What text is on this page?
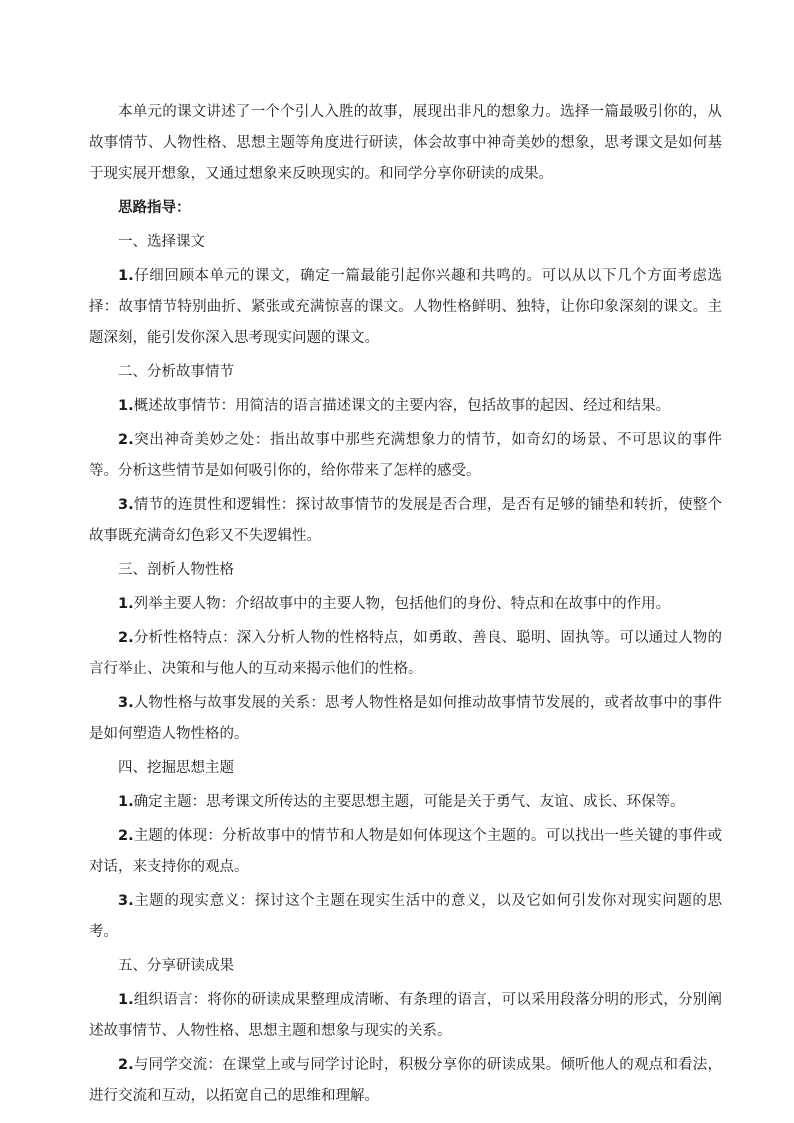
本单元的课文讲述了一个个引人入胜的故事，展现出非凡的想象力。选择一篇最吸引你的，从故事情节、人物性格、思想主题等角度进行研读，体会故事中神奇美妙的想象，思考课文是如何基于现实展开想象，又通过想象来反映现实的。和同学分享你研读的成果。

思路指导：

一、选择课文

1.仔细回顾本单元的课文，确定一篇最能引起你兴趣和共鸣的。可以从以下几个方面考虑选择：故事情节特别曲折、紧张或充满惊喜的课文。人物性格鲜明、独特，让你印象深刻的课文。主题深刻，能引发你深入思考现实问题的课文。

二、分析故事情节

1.概述故事情节：用简洁的语言描述课文的主要内容，包括故事的起因、经过和结果。

2.突出神奇美妙之处：指出故事中那些充满想象力的情节，如奇幻的场景、不可思议的事件等。分析这些情节是如何吸引你的，给你带来了怎样的感受。

3.情节的连贯性和逻辑性：探讨故事情节的发展是否合理，是否有足够的铺垫和转折，使整个故事既充满奇幻色彩又不失逻辑性。

三、剖析人物性格

1.列举主要人物：介绍故事中的主要人物，包括他们的身份、特点和在故事中的作用。

2.分析性格特点：深入分析人物的性格特点，如勇敢、善良、聪明、固执等。可以通过人物的言行举止、决策和与他人的互动来揭示他们的性格。

3.人物性格与故事发展的关系：思考人物性格是如何推动故事情节发展的，或者故事中的事件是如何塑造人物性格的。

四、挖掘思想主题

1.确定主题：思考课文所传达的主要思想主题，可能是关于勇气、友谊、成长、环保等。

2.主题的体现：分析故事中的情节和人物是如何体现这个主题的。可以找出一些关键的事件或对话，来支持你的观点。

3.主题的现实意义：探讨这个主题在现实生活中的意义，以及它如何引发你对现实问题的思考。

五、分享研读成果

1.组织语言：将你的研读成果整理成清晰、有条理的语言，可以采用段落分明的形式，分别阐述故事情节、人物性格、思想主题和想象与现实的关系。

2.与同学交流：在课堂上或与同学讨论时，积极分享你的研读成果。倾听他人的观点和看法，进行交流和互动，以拓宽自己的思维和理解。
